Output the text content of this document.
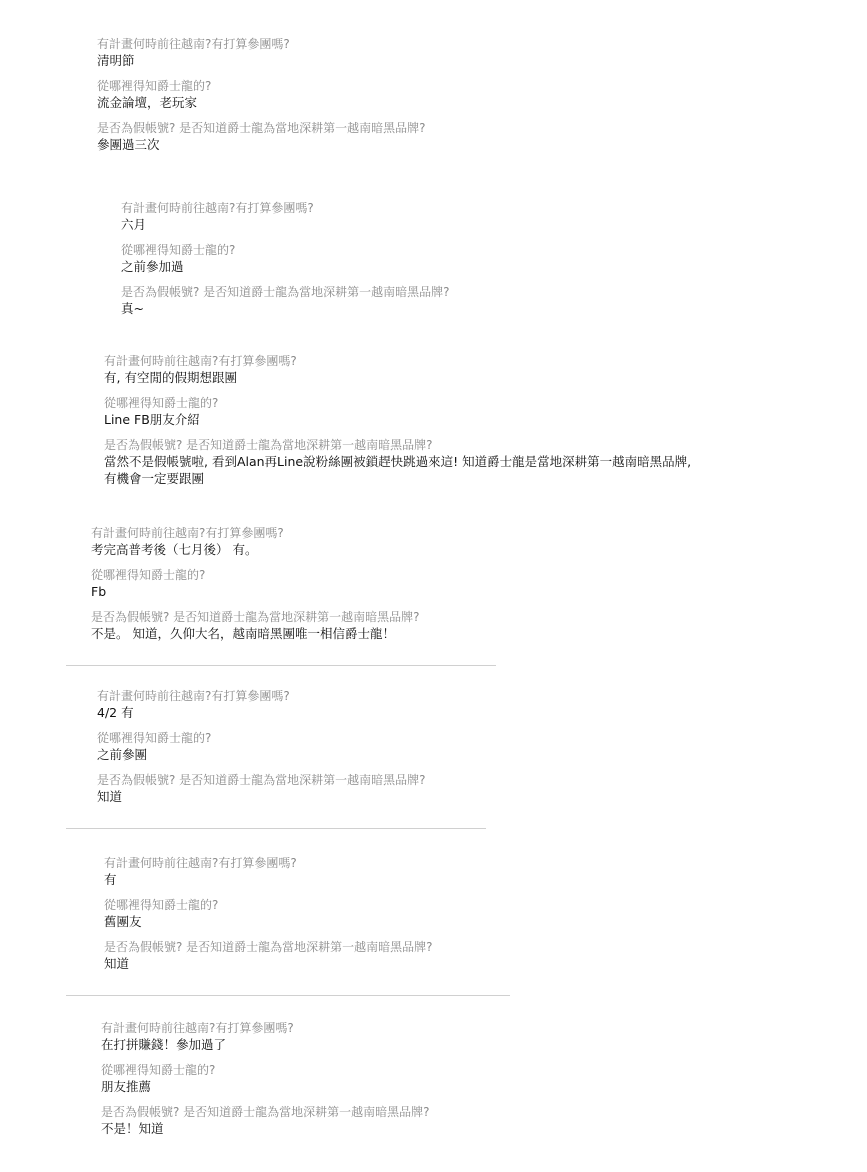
有計畫何時前往越南?有打算參團嗎?
清明節
從哪裡得知爵士龍的?
流金論壇，老玩家
是否為假帳號? 是否知道爵士龍為當地深耕第一越南暗黑品牌?
參團過三次
有計畫何時前往越南?有打算參團嗎?
六月
從哪裡得知爵士龍的?
之前參加過
是否為假帳號? 是否知道爵士龍為當地深耕第一越南暗黑品牌?
真~
有計畫何時前往越南?有打算參團嗎?
有, 有空閒的假期想跟團
從哪裡得知爵士龍的?
Line FB朋友介紹
是否為假帳號? 是否知道爵士龍為當地深耕第一越南暗黑品牌?
當然不是假帳號啦, 看到Alan再Line說粉絲團被鎖趕快跳過來這! 知道爵士龍是當地深耕第一越南暗黑品牌, 有機會一定要跟團
有計畫何時前往越南?有打算參團嗎?
考完高普考後（七月後） 有。
從哪裡得知爵士龍的?
Fb
是否為假帳號? 是否知道爵士龍為當地深耕第一越南暗黑品牌?
不是。 知道，久仰大名，越南暗黑團唯一相信爵士龍！
有計畫何時前往越南?有打算參團嗎?
4/2 有
從哪裡得知爵士龍的?
之前參團
是否為假帳號? 是否知道爵士龍為當地深耕第一越南暗黑品牌?
知道
有計畫何時前往越南?有打算參團嗎?
有
從哪裡得知爵士龍的?
舊團友
是否為假帳號? 是否知道爵士龍為當地深耕第一越南暗黑品牌?
知道
有計畫何時前往越南?有打算參團嗎?
在打拼賺錢！參加過了
從哪裡得知爵士龍的?
朋友推薦
是否為假帳號? 是否知道爵士龍為當地深耕第一越南暗黑品牌?
不是！知道
